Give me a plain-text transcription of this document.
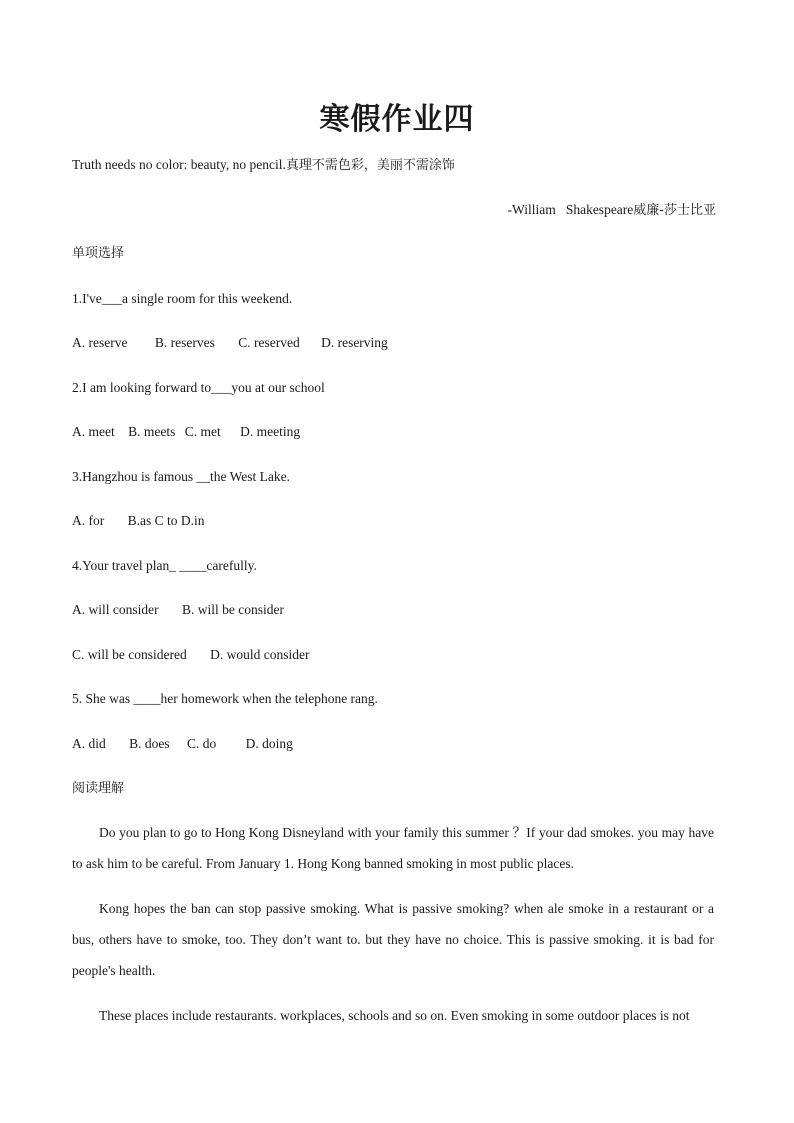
寒假作业四
Truth needs no color: beauty, no pencil.真理不需色彩，美丽不需涂饰
-William   Shakespeare威廉-莎士比亚
单项选择
1.I've___a single room for this weekend.
A. reserve B. reserves C. reserved D. reserving
2.I am looking forward to___you at our school
A. meet B. meets C. met D. meeting
3.Hangzhou is famous __the West Lake.
A. for B.as C to D.in
4.Your travel plan_ ____carefully.
A. will consider B. will be consider
C. will be considered D. would consider
5. She was ____her homework when the telephone rang.
A. did B. does C. do D. doing
阅读理解

Do you plan to go to Hong Kong Disneyland with your family this summer ？If your dad smokes. you may have to ask him to be careful. From January 1. Hong Kong banned smoking in most public places.

Kong hopes the ban can stop passive smoking. What is passive smoking? when ale smoke in a restaurant or a bus, others have to smoke, too. They don’t want to. but they have no choice. This is passive smoking. it is bad for people's health.

These places include restaurants. workplaces, schools and so on. Even smoking in some outdoor places is not
